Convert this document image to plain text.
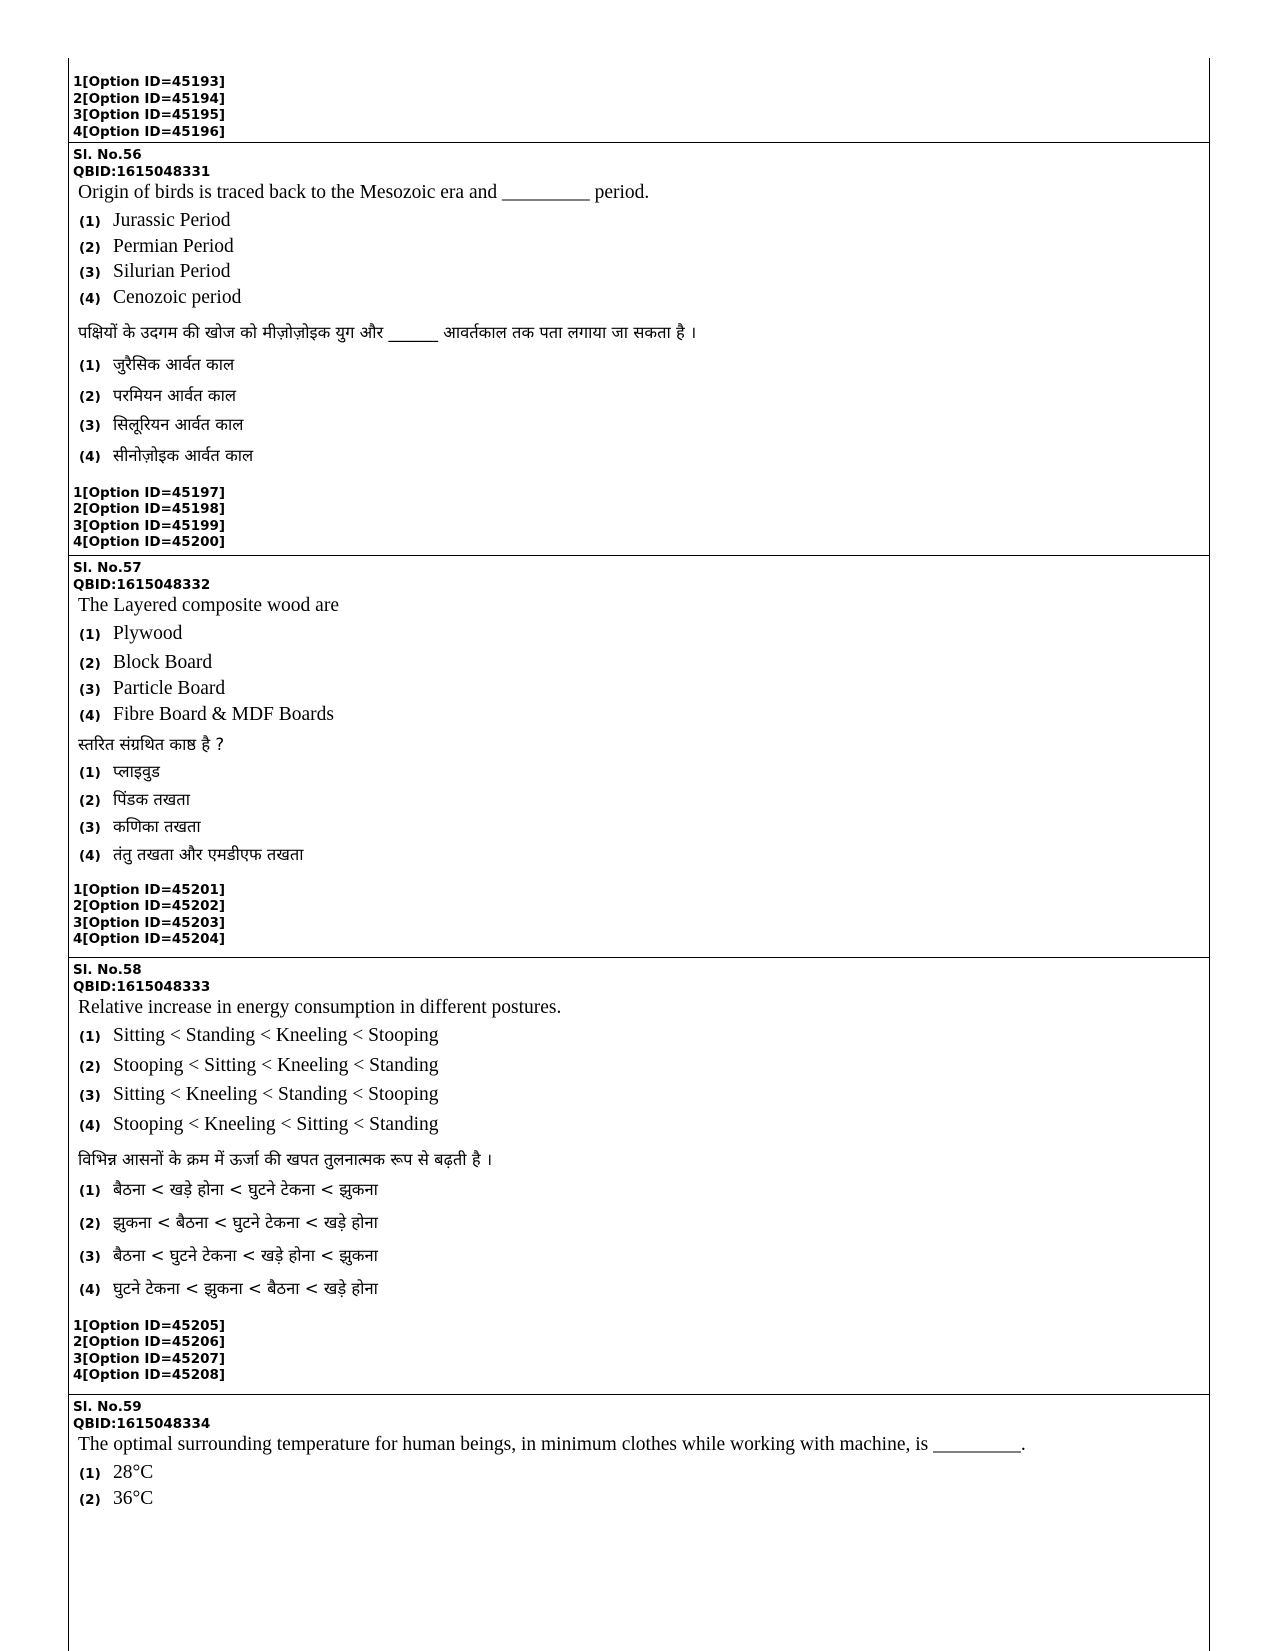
1[Option ID=45193]
2[Option ID=45194]
3[Option ID=45195]
4[Option ID=45196]
Sl. No.56
QBID:1615048331
Origin of birds is traced back to the Mesozoic era and _________ period.
(1) Jurassic Period
(2) Permian Period
(3) Silurian Period
(4) Cenozoic period
पक्षियों के उदगम की खोज को मीज़ोज़ोइक युग और ______ आवर्तकाल तक पता लगाया जा सकता है ।
(1) जुरैसिक आर्वत काल
(2) परमियन आर्वत काल
(3) सिलूरियन आर्वत काल
(4) सीनोज़ोइक आर्वत काल
1[Option ID=45197]
2[Option ID=45198]
3[Option ID=45199]
4[Option ID=45200]
Sl. No.57
QBID:1615048332
The Layered composite wood are
(1) Plywood
(2) Block Board
(3) Particle Board
(4) Fibre Board & MDF Boards
स्तरित संग्रथित काष्ठ है ?
(1) प्लाइवुड
(2) पिंडक तखता
(3) कणिका तखता
(4) तंतु तखता और एमडीएफ तखता
1[Option ID=45201]
2[Option ID=45202]
3[Option ID=45203]
4[Option ID=45204]
Sl. No.58
QBID:1615048333
Relative increase in energy consumption in different postures.
(1) Sitting < Standing < Kneeling < Stooping
(2) Stooping < Sitting < Kneeling < Standing
(3) Sitting < Kneeling < Standing < Stooping
(4) Stooping < Kneeling < Sitting < Standing
विभिन्न आसनों के क्रम में ऊर्जा की खपत तुलनात्मक रूप से बढ़ती है ।
(1) बैठना < खड़े होना < घुटने टेकना < झुकना
(2) झुकना < बैठना < घुटने टेकना < खड़े होना
(3) बैठना < घुटने टेकना < खड़े होना < झुकना
(4) घुटने टेकना < झुकना < बैठना < खड़े होना
1[Option ID=45205]
2[Option ID=45206]
3[Option ID=45207]
4[Option ID=45208]
Sl. No.59
QBID:1615048334
The optimal surrounding temperature for human beings, in minimum clothes while working with machine, is _________.
(1) 28°C
(2) 36°C
